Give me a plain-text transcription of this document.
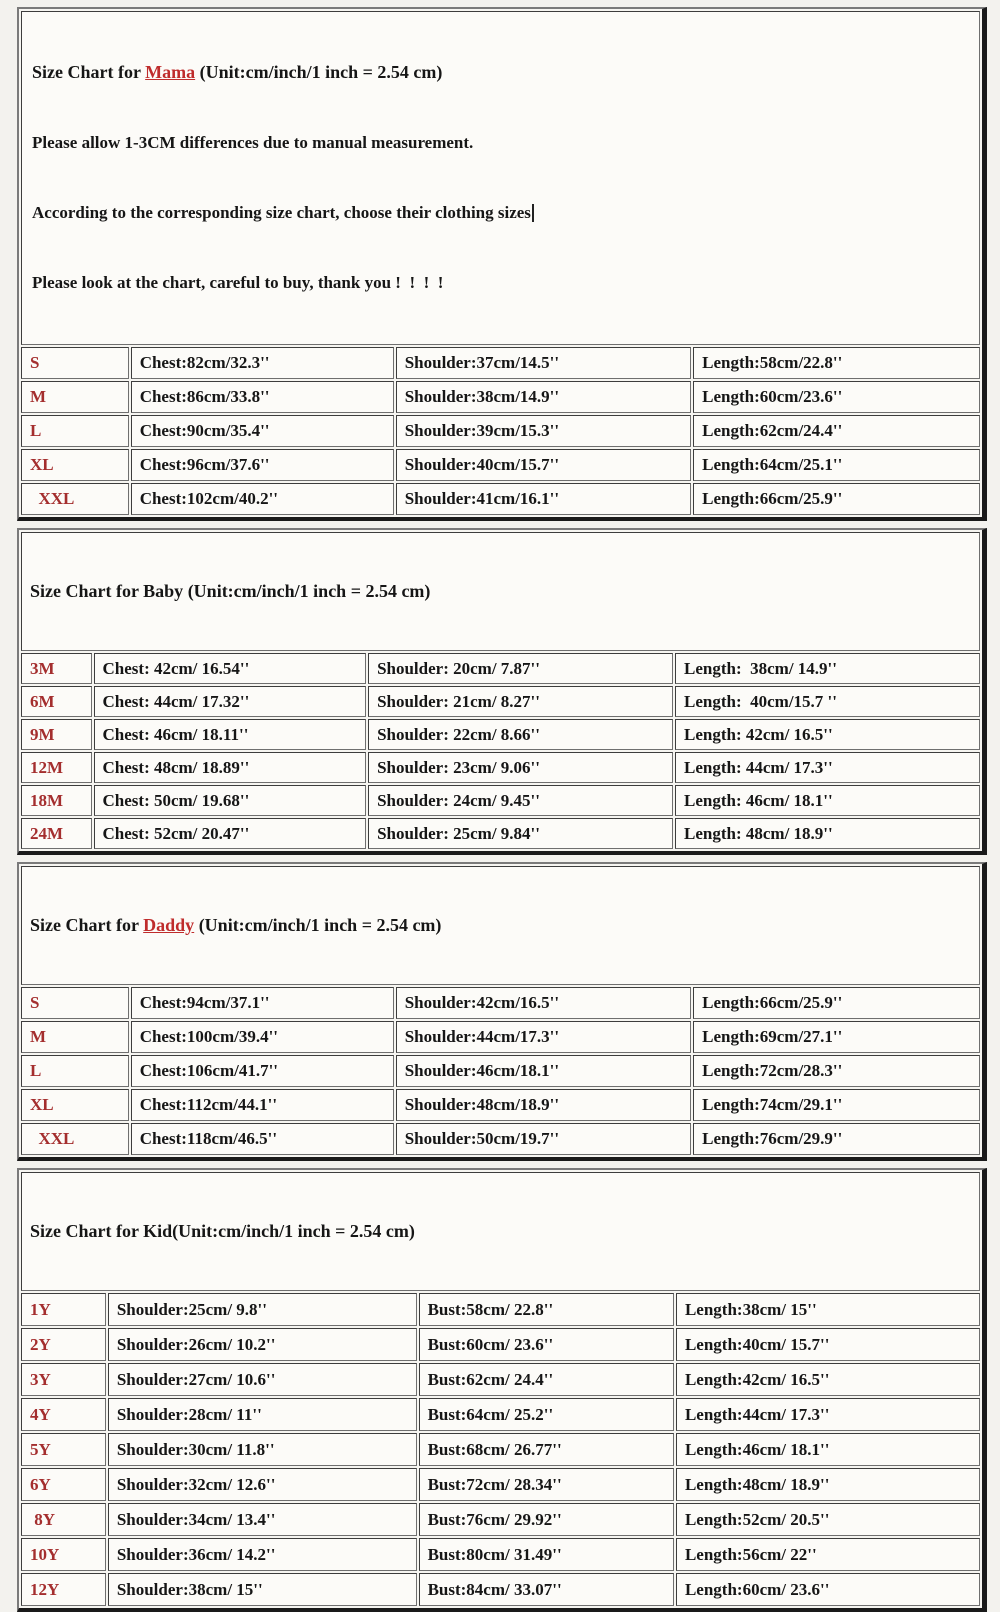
Size Chart for Mama (Unit:cm/inch/1 inch = 2.54 cm)

Please allow 1-3CM differences due to manual measurement.

According to the corresponding size chart, choose their clothing sizes

Please look at the chart, careful to buy, thank you !  !  !  !			

S	Chest:82cm/32.3''	Shoulder:37cm/14.5''	Length:58cm/22.8''
M	Chest:86cm/33.8''	Shoulder:38cm/14.9''	Length:60cm/23.6''
L	Chest:90cm/35.4''	Shoulder:39cm/15.3''	Length:62cm/24.4''
XL	Chest:96cm/37.6''	Shoulder:40cm/15.7''	Length:64cm/25.1''
XXL	Chest:102cm/40.2''	Shoulder:41cm/16.1''	Length:66cm/25.9''

Size Chart for Baby (Unit:cm/inch/1 inch = 2.54 cm)			

3M	Chest: 42cm/ 16.54''	Shoulder: 20cm/ 7.87''	Length:  38cm/ 14.9''
6M	Chest: 44cm/ 17.32''	Shoulder: 21cm/ 8.27''	Length:  40cm/15.7 ''
9M	Chest: 46cm/ 18.11''	Shoulder: 22cm/ 8.66''	Length: 42cm/ 16.5''
12M	Chest: 48cm/ 18.89''	Shoulder: 23cm/ 9.06''	Length: 44cm/ 17.3''
18M	Chest: 50cm/ 19.68''	Shoulder: 24cm/ 9.45''	Length: 46cm/ 18.1''
24M	Chest: 52cm/ 20.47''	Shoulder: 25cm/ 9.84''	Length: 48cm/ 18.9''

Size Chart for Daddy (Unit:cm/inch/1 inch = 2.54 cm)			

S	Chest:94cm/37.1''	Shoulder:42cm/16.5''	Length:66cm/25.9''
M	Chest:100cm/39.4''	Shoulder:44cm/17.3''	Length:69cm/27.1''
L	Chest:106cm/41.7''	Shoulder:46cm/18.1''	Length:72cm/28.3''
XL	Chest:112cm/44.1''	Shoulder:48cm/18.9''	Length:74cm/29.1''
XXL	Chest:118cm/46.5''	Shoulder:50cm/19.7''	Length:76cm/29.9''

Size Chart for Kid(Unit:cm/inch/1 inch = 2.54 cm)			

1Y	Shoulder:25cm/ 9.8''	Bust:58cm/ 22.8''	Length:38cm/ 15''
2Y	Shoulder:26cm/ 10.2''	Bust:60cm/ 23.6''	Length:40cm/ 15.7''
3Y	Shoulder:27cm/ 10.6''	Bust:62cm/ 24.4''	Length:42cm/ 16.5''
4Y	Shoulder:28cm/ 11''	Bust:64cm/ 25.2''	Length:44cm/ 17.3''
5Y	Shoulder:30cm/ 11.8''	Bust:68cm/ 26.77''	Length:46cm/ 18.1''
6Y	Shoulder:32cm/ 12.6''	Bust:72cm/ 28.34''	Length:48cm/ 18.9''
8Y	Shoulder:34cm/ 13.4''	Bust:76cm/ 29.92''	Length:52cm/ 20.5''
10Y	Shoulder:36cm/ 14.2''	Bust:80cm/ 31.49''	Length:56cm/ 22''
12Y	Shoulder:38cm/ 15''	Bust:84cm/ 33.07''	Length:60cm/ 23.6''
